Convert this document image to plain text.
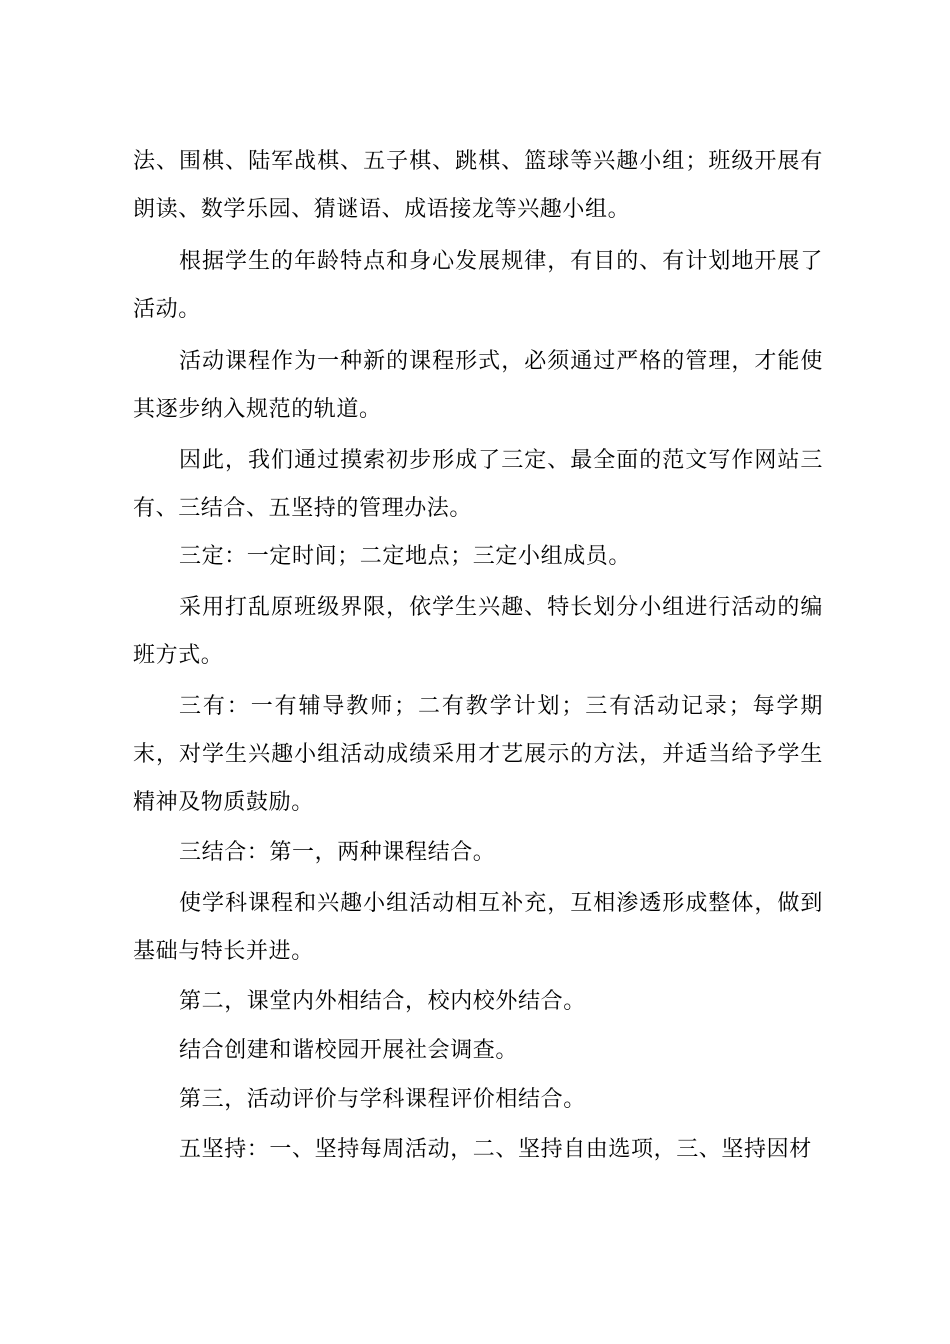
法、围棋、陆军战棋、五子棋、跳棋、篮球等兴趣小组；班级开展有朗读、数学乐园、猜谜语、成语接龙等兴趣小组。

根据学生的年龄特点和身心发展规律，有目的、有计划地开展了活动。

活动课程作为一种新的课程形式，必须通过严格的管理，才能使其逐步纳入规范的轨道。

因此，我们通过摸索初步形成了三定、最全面的范文写作网站三有、三结合、五坚持的管理办法。

三定：一定时间；二定地点；三定小组成员。

采用打乱原班级界限，依学生兴趣、特长划分小组进行活动的编班方式。

三有：一有辅导教师；二有教学计划；三有活动记录；每学期末，对学生兴趣小组活动成绩采用才艺展示的方法，并适当给予学生精神及物质鼓励。

三结合：第一，两种课程结合。

使学科课程和兴趣小组活动相互补充，互相渗透形成整体，做到基础与特长并进。

第二，课堂内外相结合，校内校外结合。

结合创建和谐校园开展社会调查。

第三，活动评价与学科课程评价相结合。

五坚持：一、坚持每周活动，二、坚持自由选项，三、坚持因材
